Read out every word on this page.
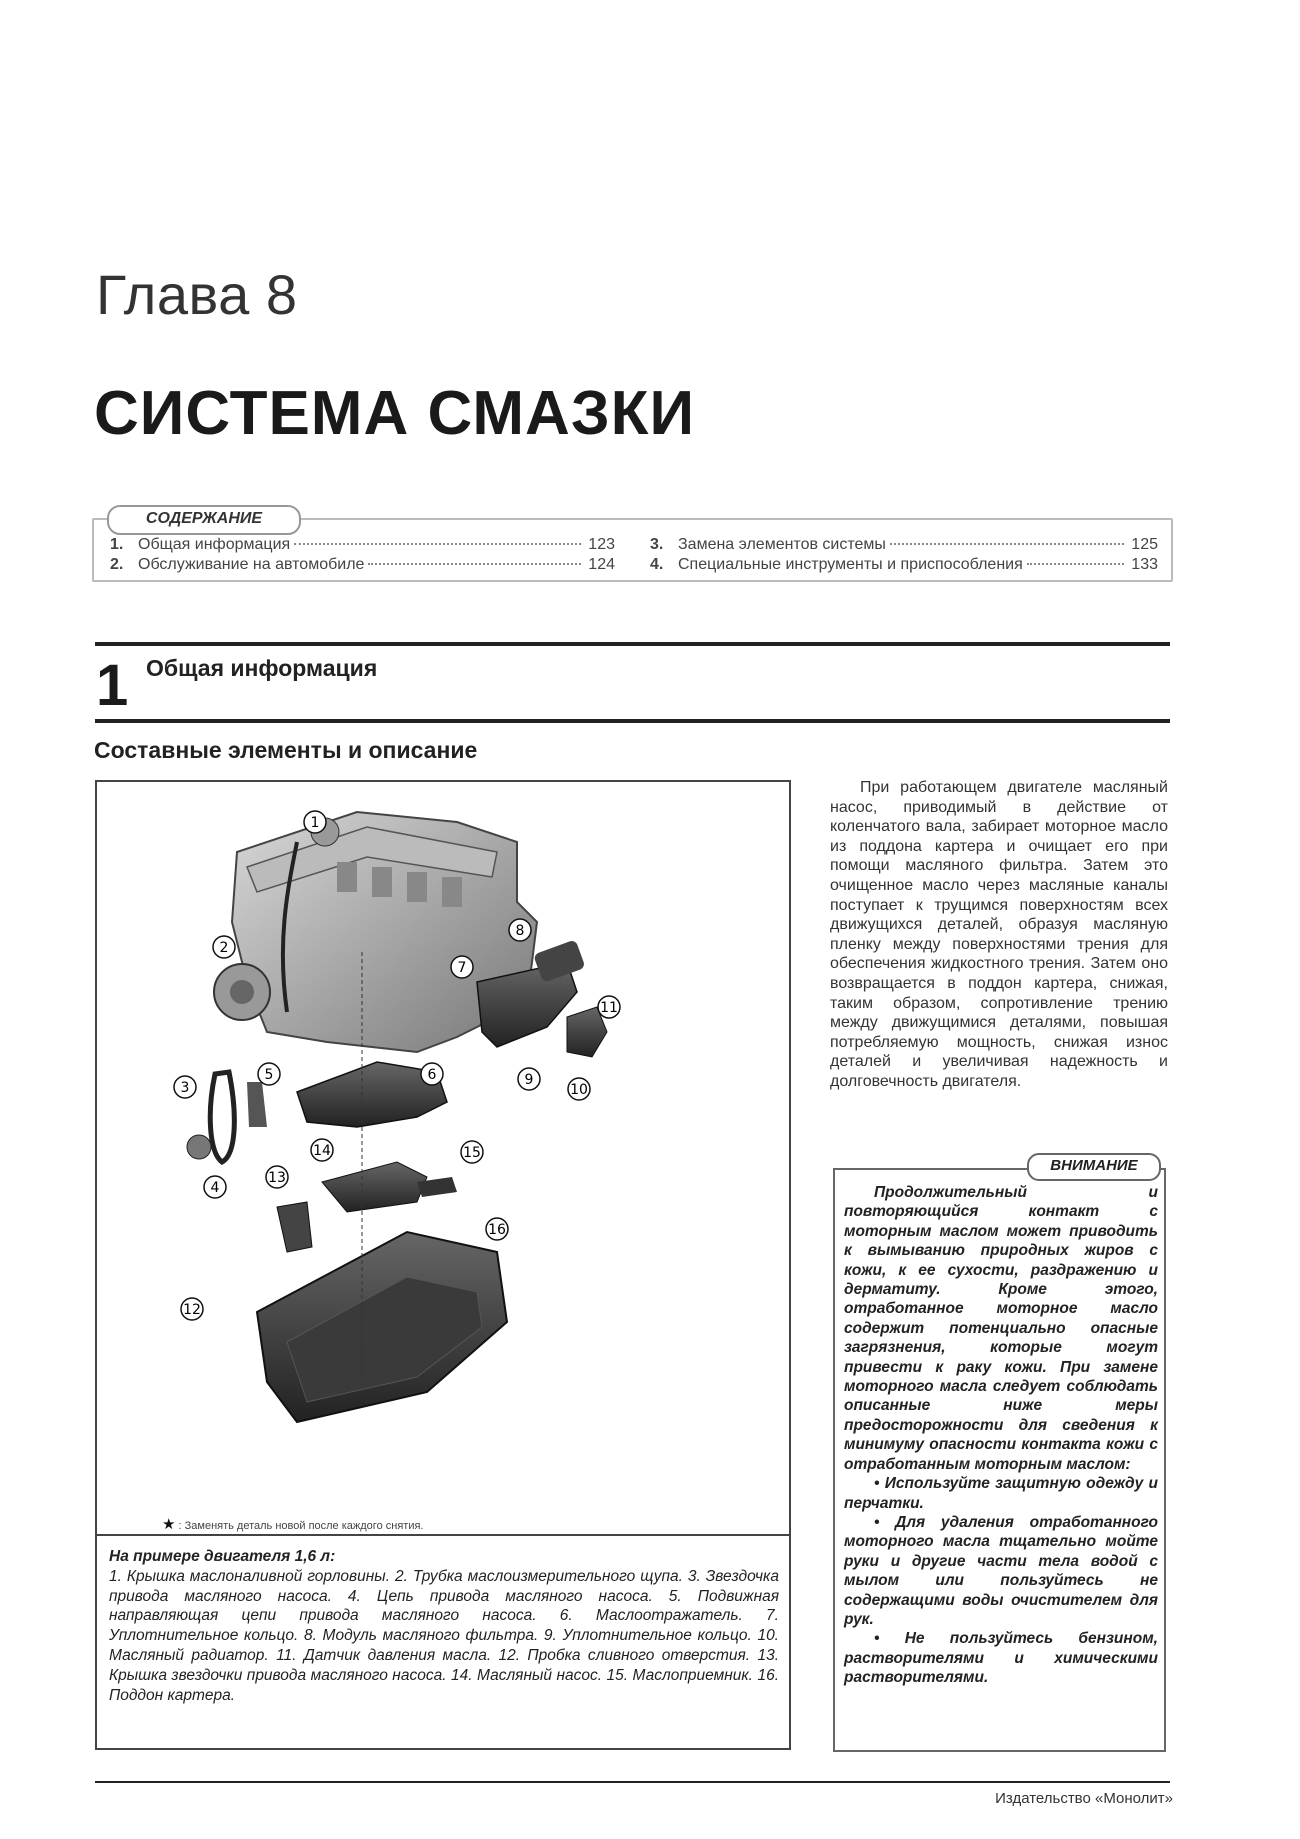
Глава 8
СИСТЕМА СМАЗКИ
СОДЕРЖАНИЕ
1. Общая информация	123
2. Обслуживание на автомобиле	124
3. Замена элементов системы	125
4. Специальные инструменты и приспособления	133
1 Общая информация
Составные элементы и описание
1
2
3
4
5	6
7
8
9
10
11
12
13
14	15
16
★ : Заменять деталь новой после каждого снятия.
На примере двигателя 1,6 л:
1. Крышка маслоналивной горловины. 2. Трубка маслоизмерительного щупа. 3. Звездочка привода масляного насоса. 4. Цепь привода масляного насоса. 5. Подвижная направляющая цепи привода масляного насоса. 6. Маслоотражатель. 7. Уплотнительное кольцо. 8. Модуль масляного фильтра. 9. Уплотнительное кольцо. 10. Масляный радиатор. 11. Датчик давления масла. 12. Пробка сливного отверстия. 13. Крышка звездочки привода масляного насоса. 14. Масляный насос. 15. Маслоприемник. 16. Поддон картера.
При работающем двигателе масляный насос, приводимый в действие от коленчатого вала, забирает моторное масло из поддона картера и очищает его при помощи масляного фильтра. Затем это очищенное масло через масляные каналы поступает к трущимся поверхностям всех движущихся деталей, образуя масляную пленку между поверхностями трения для обеспечения жидкостного трения. Затем оно возвращается в поддон картера, снижая, таким образом, сопротивление трению между движущимися деталями, повышая потребляемую мощность, снижая износ деталей и увеличивая надежность и долговечность двигателя.
ВНИМАНИЕ

Продолжительный и повторяющийся контакт с моторным маслом может приводить к вымыванию природных жиров с кожи, к ее сухости, раздражению и дерматиту. Кроме этого, отработанное моторное масло содержит потенциально опасные загрязнения, которые могут привести к раку кожи. При замене моторного масла следует соблюдать описанные ниже меры предосторожности для сведения к минимуму опасности контакта кожи с отработанным моторным маслом:

• Используйте защитную одежду и перчатки.

• Для удаления отработанного моторного масла тщательно мойте руки и другие части тела водой с мылом или пользуйтесь не содержащими воды очистителем для рук.

• Не пользуйтесь бензином, растворителями и химическими растворителями.

Издательство «Монолит»
